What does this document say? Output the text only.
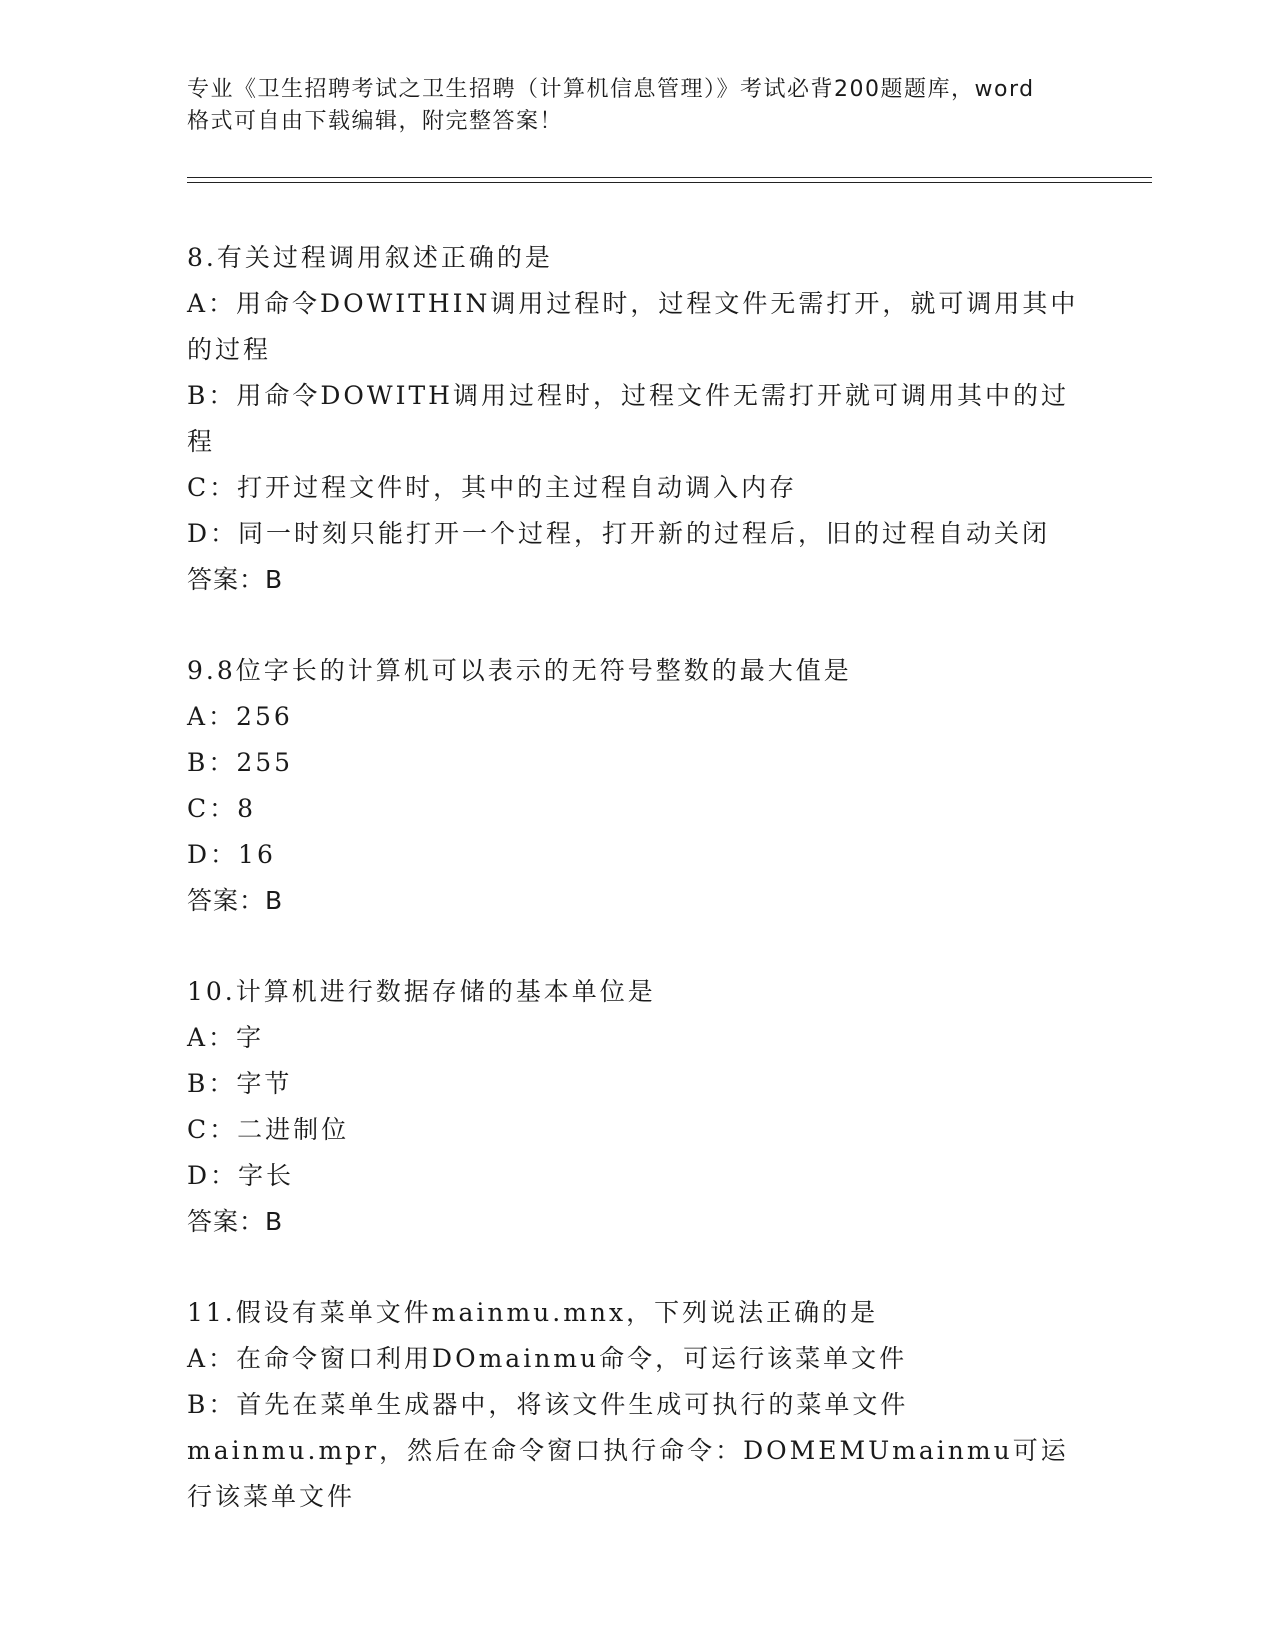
专业《卫生招聘考试之卫生招聘（计算机信息管理）》考试必背200题题库，word
格式可自由下载编辑，附完整答案！
8.有关过程调用叙述正确的是
A：用命令DOWITHIN调用过程时，过程文件无需打开，就可调用其中的过程
B：用命令DOWITH调用过程时，过程文件无需打开就可调用其中的过程
C：打开过程文件时，其中的主过程自动调入内存
D：同一时刻只能打开一个过程，打开新的过程后，旧的过程自动关闭
答案：B
9.8位字长的计算机可以表示的无符号整数的最大值是
A：256
B：255
C：8
D：16
答案：B
10.计算机进行数据存储的基本单位是
A：字
B：字节
C：二进制位
D：字长
答案：B
11.假设有菜单文件mainmu.mnx，下列说法正确的是
A：在命令窗口利用DOmainmu命令，可运行该菜单文件
B：首先在菜单生成器中，将该文件生成可执行的菜单文件mainmu.mpr，然后在命令窗口执行命令：DOMEMUmainmu可运行该菜单文件
